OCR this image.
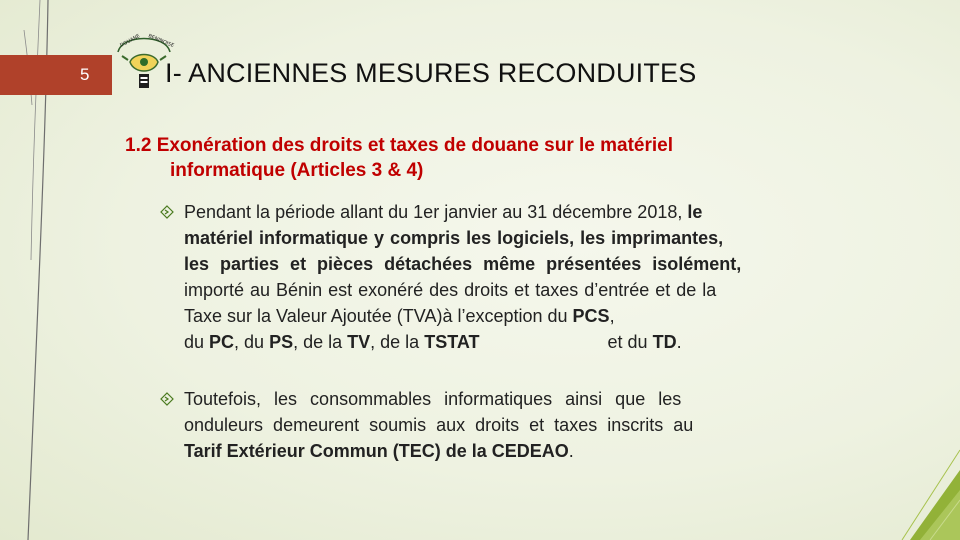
5
DOUANE BENINOISE
I- ANCIENNES MESURES RECONDUITES
1.2 Exonération des droits et taxes de douane sur le matériel
informatique (Articles 3 & 4)
Pendant la période allant du 1er janvier au 31 décembre 2018, le
matériel informatique y compris les logiciels, les imprimantes,
les parties et pièces détachées même présentées isolément,
importé au Bénin est exonéré des droits et taxes d’entrée et de la
Taxe sur la Valeur Ajoutée (TVA)à l’exception du PCS,
du PC, du PS, de la TV, de la TSTAT	et du TD.
Toutefois, les consommables informatiques ainsi que les
onduleurs demeurent soumis aux droits et taxes inscrits au
Tarif Extérieur Commun (TEC) de la CEDEAO.
